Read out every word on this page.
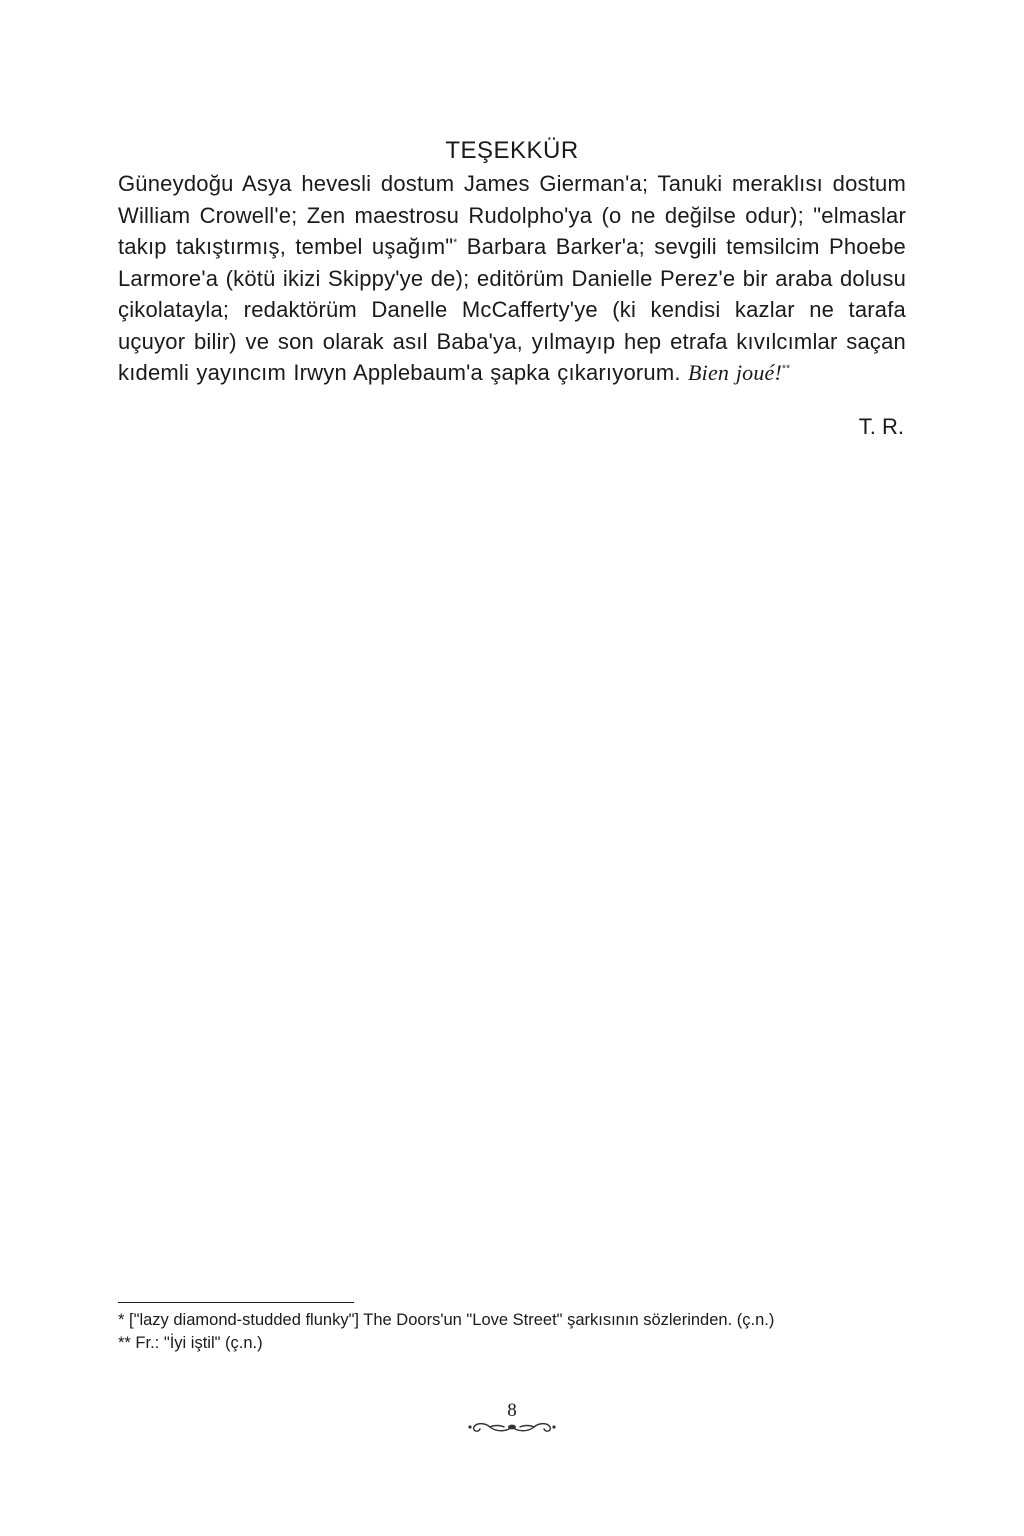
TEŞEKKÜR
Güneydoğu Asya hevesli dostum James Gierman'a; Tanuki meraklısı dostum William Crowell'e; Zen maestrosu Rudolpho'ya (o ne değilse odur); "elmaslar takıp takıştırmış, tembel uşağım"* Barbara Barker'a; sevgili temsilcim Phoebe Larmore'a (kötü ikizi Skippy'ye de); editörüm Danielle Perez'e bir araba dolusu çikolatayla; redaktörüm Danelle McCafferty'ye (ki kendisi kazlar ne tarafa uçuyor bilir) ve son olarak asıl Baba'ya, yılmayıp hep etrafa kıvılcımlar saçan kıdemli yayıncım Irwyn Applebaum'a şapka çıkarıyorum. Bien joué!**
T. R.

* ["lazy diamond-studded flunky"] The Doors'un "Love Street" şarkısının sözlerinden. (ç.n.)

** Fr.: "İyi iştil" (ç.n.)

8
